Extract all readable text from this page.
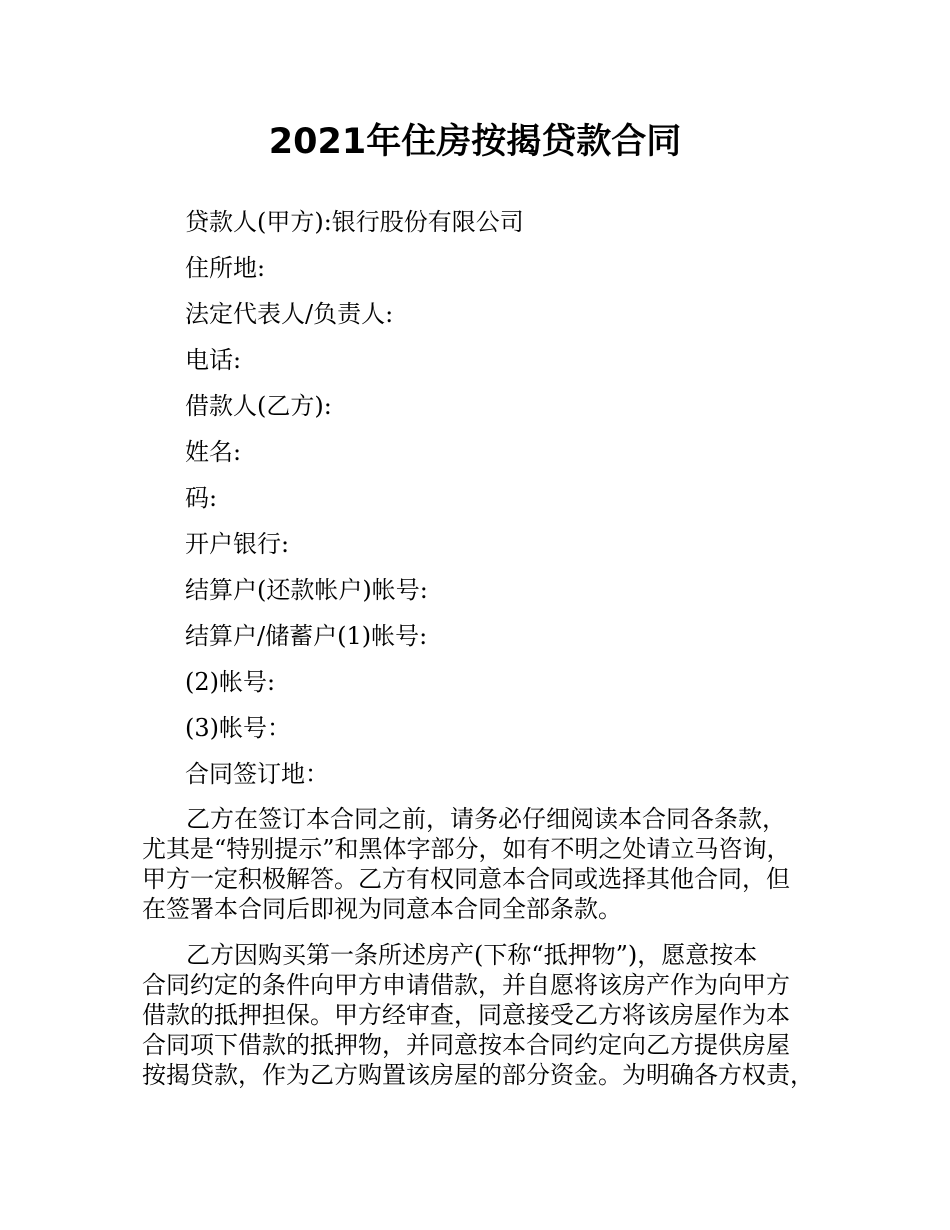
2021年住房按揭贷款合同
贷款人(甲方):银行股份有限公司
住所地:
法定代表人/负责人:
电话:
借款人(乙方):
姓名:
码:
开户银行:
结算户(还款帐户)帐号:
结算户/储蓄户(1)帐号:
(2)帐号:
(3)帐号：
合同签订地：

乙方在签订本合同之前，请务必仔细阅读本合同各条款，
尤其是“特别提示”和黑体字部分，如有不明之处请立马咨询，
甲方一定积极解答。乙方有权同意本合同或选择其他合同，但
在签署本合同后即视为同意本合同全部条款。

乙方因购买第一条所述房产(下称“抵押物”)，愿意按本
合同约定的条件向甲方申请借款，并自愿将该房产作为向甲方
借款的抵押担保。甲方经审查，同意接受乙方将该房屋作为本
合同项下借款的抵押物，并同意按本合同约定向乙方提供房屋
按揭贷款，作为乙方购置该房屋的部分资金。为明确各方权责，
